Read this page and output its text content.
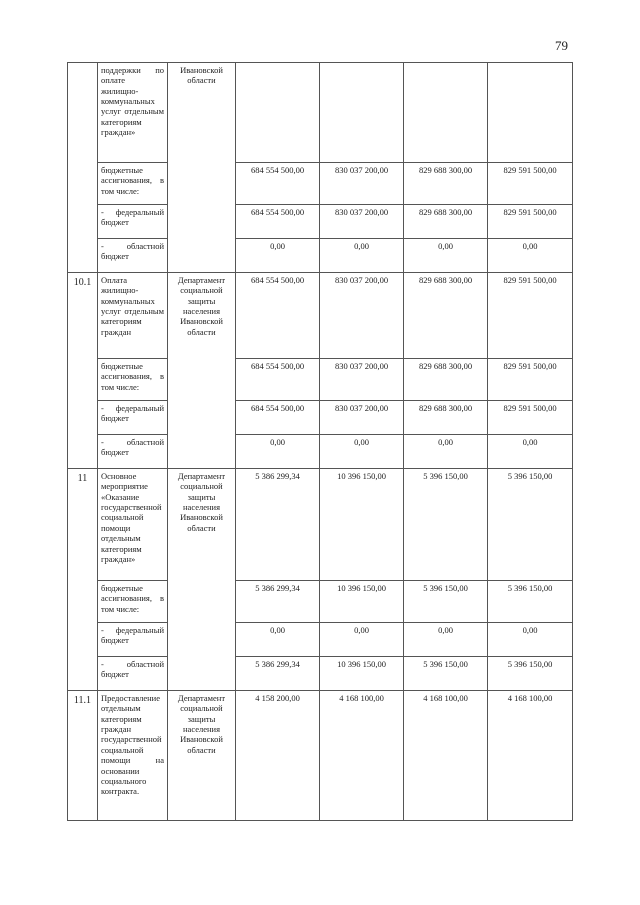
79
	поддержки по оплате жилищно-коммунальных услуг отдельным категориям граждан»	Ивановской области				
	бюджетные ассигнования, в том числе:		684 554 500,00	830 037 200,00	829 688 300,00	829 591 500,00
	- федеральный бюджет		684 554 500,00	830 037 200,00	829 688 300,00	829 591 500,00
	- областной бюджет		0,00	0,00	0,00	0,00
10.1	Оплата жилищно-коммунальных услуг отдельным категориям граждан	Департамент социальной защиты населения Ивановской области	684 554 500,00	830 037 200,00	829 688 300,00	829 591 500,00
	бюджетные ассигнования, в том числе:		684 554 500,00	830 037 200,00	829 688 300,00	829 591 500,00
	- федеральный бюджет		684 554 500,00	830 037 200,00	829 688 300,00	829 591 500,00
	- областной бюджет		0,00	0,00	0,00	0,00
11	Основное мероприятие «Оказание государственной социальной помощи отдельным категориям граждан»	Департамент социальной защиты населения Ивановской области	5 386 299,34	10 396 150,00	5 396 150,00	5 396 150,00
	бюджетные ассигнования, в том числе:		5 386 299,34	10 396 150,00	5 396 150,00	5 396 150,00
	- федеральный бюджет		0,00	0,00	0,00	0,00
	- областной бюджет		5 386 299,34	10 396 150,00	5 396 150,00	5 396 150,00
11.1	Предоставление отдельным категориям граждан государственной социальной помощи на основании социального контракта.	Департамент социальной защиты населения Ивановской области	4 158 200,00	4 168 100,00	4 168 100,00	4 168 100,00
